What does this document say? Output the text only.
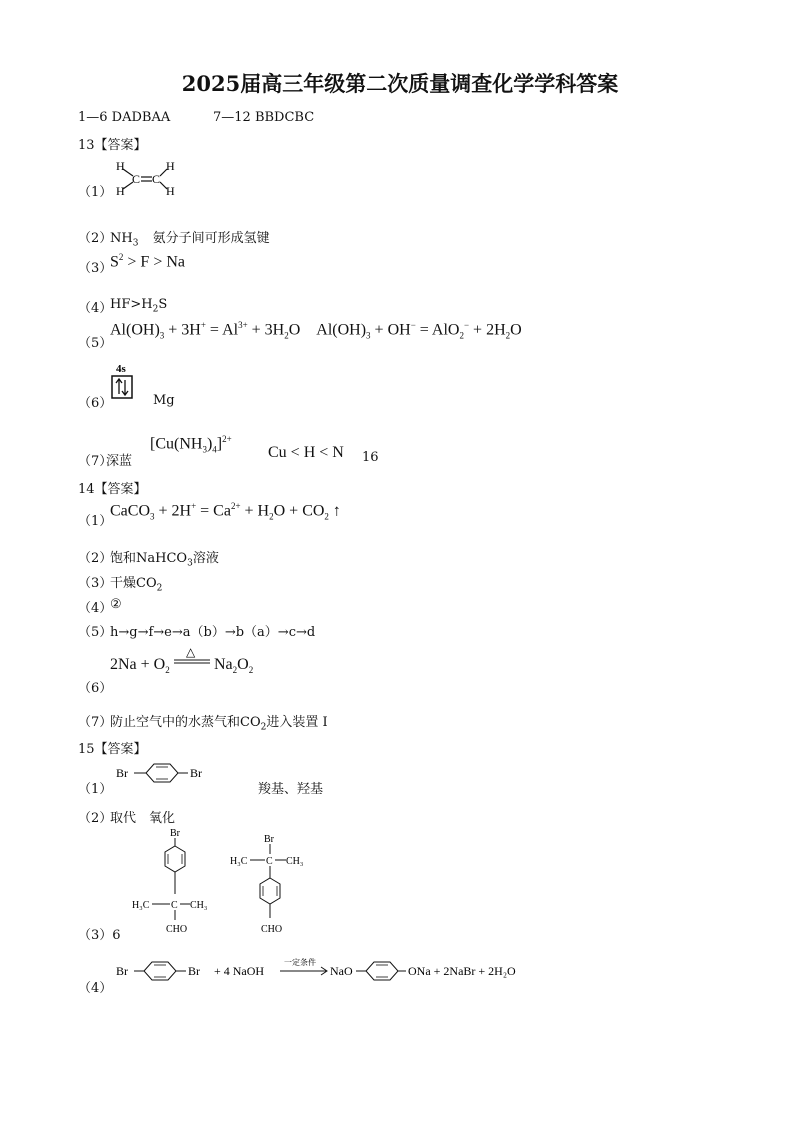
2025届高三年级第二次质量调查化学学科答案
1—6 DADBAA	7—12 BBDCBC
13【答案】
（1）
H
H
H
H
C C
（2）
$NH_3$ 氨分子间可形成氢键
（3）
$S^2 > F > Na$
（4）
$HF>H_2S$
（5）
$Al(OH)_3 + 3H^+ = Al^{3+} + 3H_2O$    $Al(OH)_3 + OH^- = AlO_2^- + 2H_2O$
（6）
4s
Mg
（7）
深蓝
$[Cu(NH_3)_4]^{2+}$
Cu < H < N 16
14【答案】
（1）
CaCO$_3$ + $2H^+ = Ca^{2+} + H_2O + CO_2$ ↑
（2）
饱和NaHCO$_3$溶液
（3）
干燥$CO_2$
（4）
②
（5）
h→g→f→e→a（b）→b（a）→c→d
$2Na + O_2$
△
$Na_2O_2$
（6）
（7）
防止空气中的水蒸气和$CO_2$进入装置 I
15【答案】
（1）
Br	Br
羧基、羟基
（2）
取代　氧化
Br
H₃C C CH₃
CHO
Br
H₃C C CH₃
CHO
（3）6
Br	Br + 4 NaOH
一定条件
NaO	ONa + 2NaBr + 2H₂O
（4）
